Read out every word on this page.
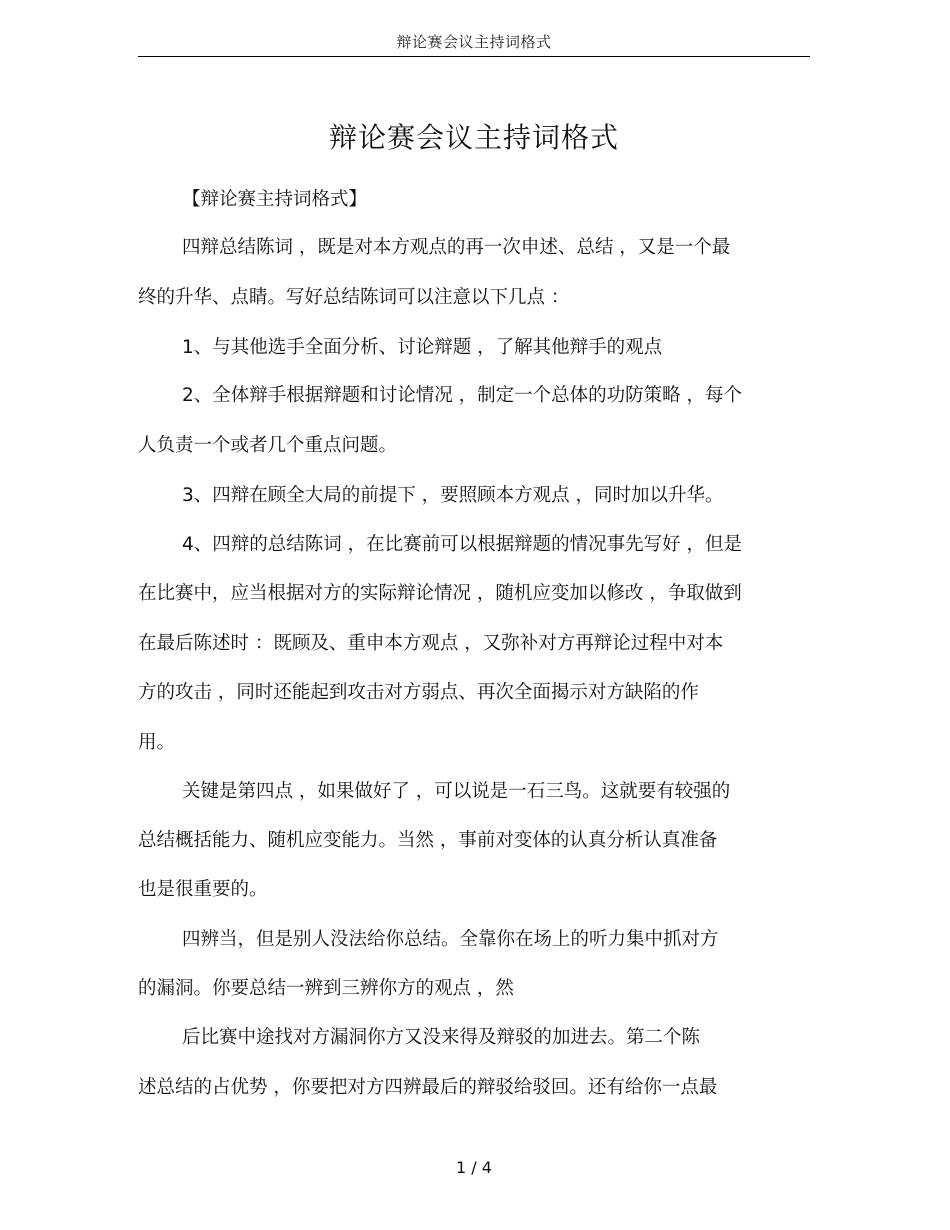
辩论赛会议主持词格式
辩论赛会议主持词格式
【辩论赛主持词格式】
四辩总结陈词 ，既是对本方观点的再一次申述、总结 ，又是一个最
终的升华、点睛。写好总结陈词可以注意以下几点 ：
1、与其他选手全面分析、讨论辩题 ，了解其他辩手的观点
2、全体辩手根据辩题和讨论情况 ，制定一个总体的功防策略 ，每个
人负责一个或者几个重点问题。
3、四辩在顾全大局的前提下 ，要照顾本方观点 ，同时加以升华。
4、四辩的总结陈词 ，在比赛前可以根据辩题的情况事先写好 ，但是
在比赛中，应当根据对方的实际辩论情况 ，随机应变加以修改 ，争取做到
在最后陈述时 ：既顾及、重申本方观点 ，又弥补对方再辩论过程中对本
方的攻击 ，同时还能起到攻击对方弱点、再次全面揭示对方缺陷的作
用。
关键是第四点 ，如果做好了 ，可以说是一石三鸟。这就要有较强的
总结概括能力、随机应变能力。当然 ，事前对变体的认真分析认真准备
也是很重要的。
四辨当，但是别人没法给你总结。全靠你在场上的听力集中抓对方
的漏洞。你要总结一辨到三辨你方的观点 ，然
后比赛中途找对方漏洞你方又没来得及辩驳的加进去。第二个陈
述总结的占优势 ，你要把对方四辨最后的辩驳给驳回。还有给你一点最
1 / 4
